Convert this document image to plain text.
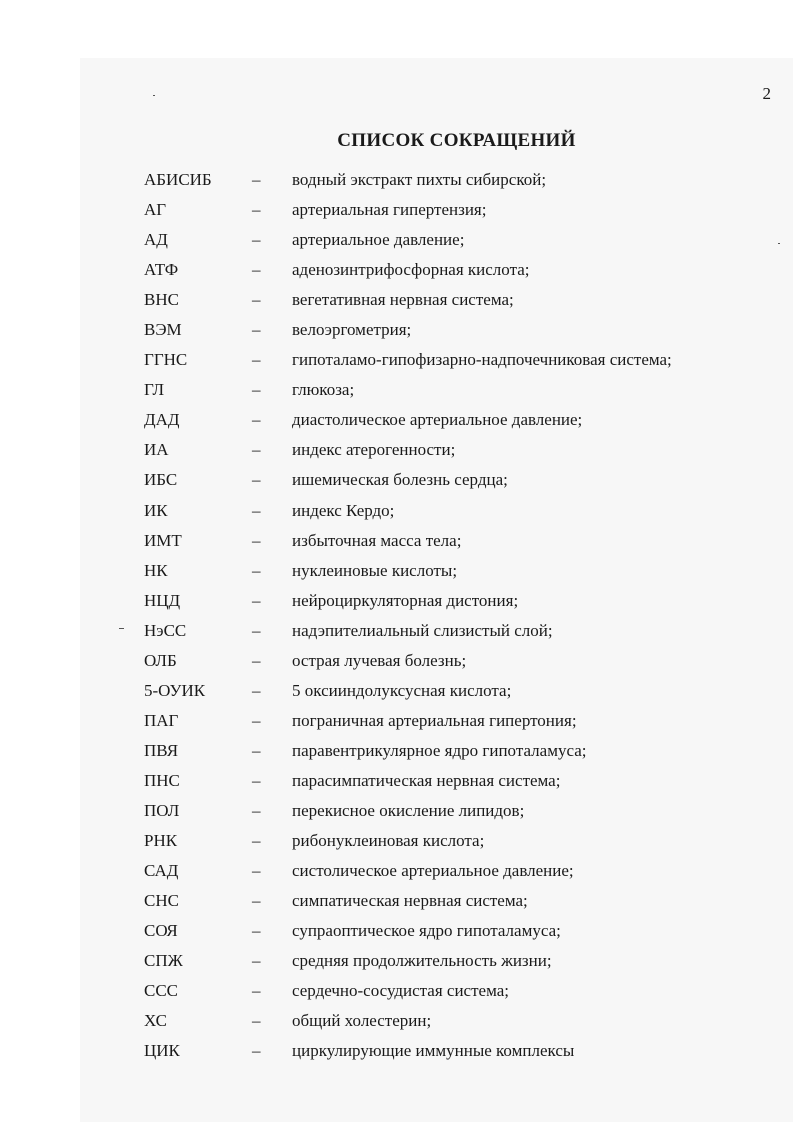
2
СПИСОК СОКРАЩЕНИЙ
АБИСИБ – водный экстракт пихты сибирской;
АГ	– артериальная гипертензия;
АД	– артериальное давление;
АТФ	– аденозинтрифосфорная кислота;
ВНС	– вегетативная нервная система;
ВЭМ	– велоэргометрия;
ГГНС	– гипоталамо-гипофизарно-надпочечниковая система;
ГЛ	– глюкоза;
ДАД	– диастолическое артериальное давление;
ИА	– индекс атерогенности;
ИБС	– ишемическая болезнь сердца;
ИК	– индекс Кердо;
ИМТ	– избыточная масса тела;
НК	– нуклеиновые кислоты;
НЦД	– нейроциркуляторная дистония;
НэСС	– надэпителиальный слизистый слой;
ОЛБ	– острая лучевая болезнь;
5-ОУИК	– 5 оксииндолуксусная кислота;
ПАГ	– пограничная артериальная гипертония;
ПВЯ	– паравентрикулярное ядро гипоталамуса;
ПНС	– парасимпатическая нервная система;
ПОЛ	– перекисное окисление липидов;
РНК	– рибонуклеиновая кислота;
САД	– систолическое артериальное давление;
СНС	– симпатическая нервная система;
СОЯ	– супраоптическое ядро гипоталамуса;
СПЖ	– средняя продолжительность жизни;
ССС	– сердечно-сосудистая система;
ХС	– общий холестерин;
ЦИК	– циркулирующие иммунные комплексы
